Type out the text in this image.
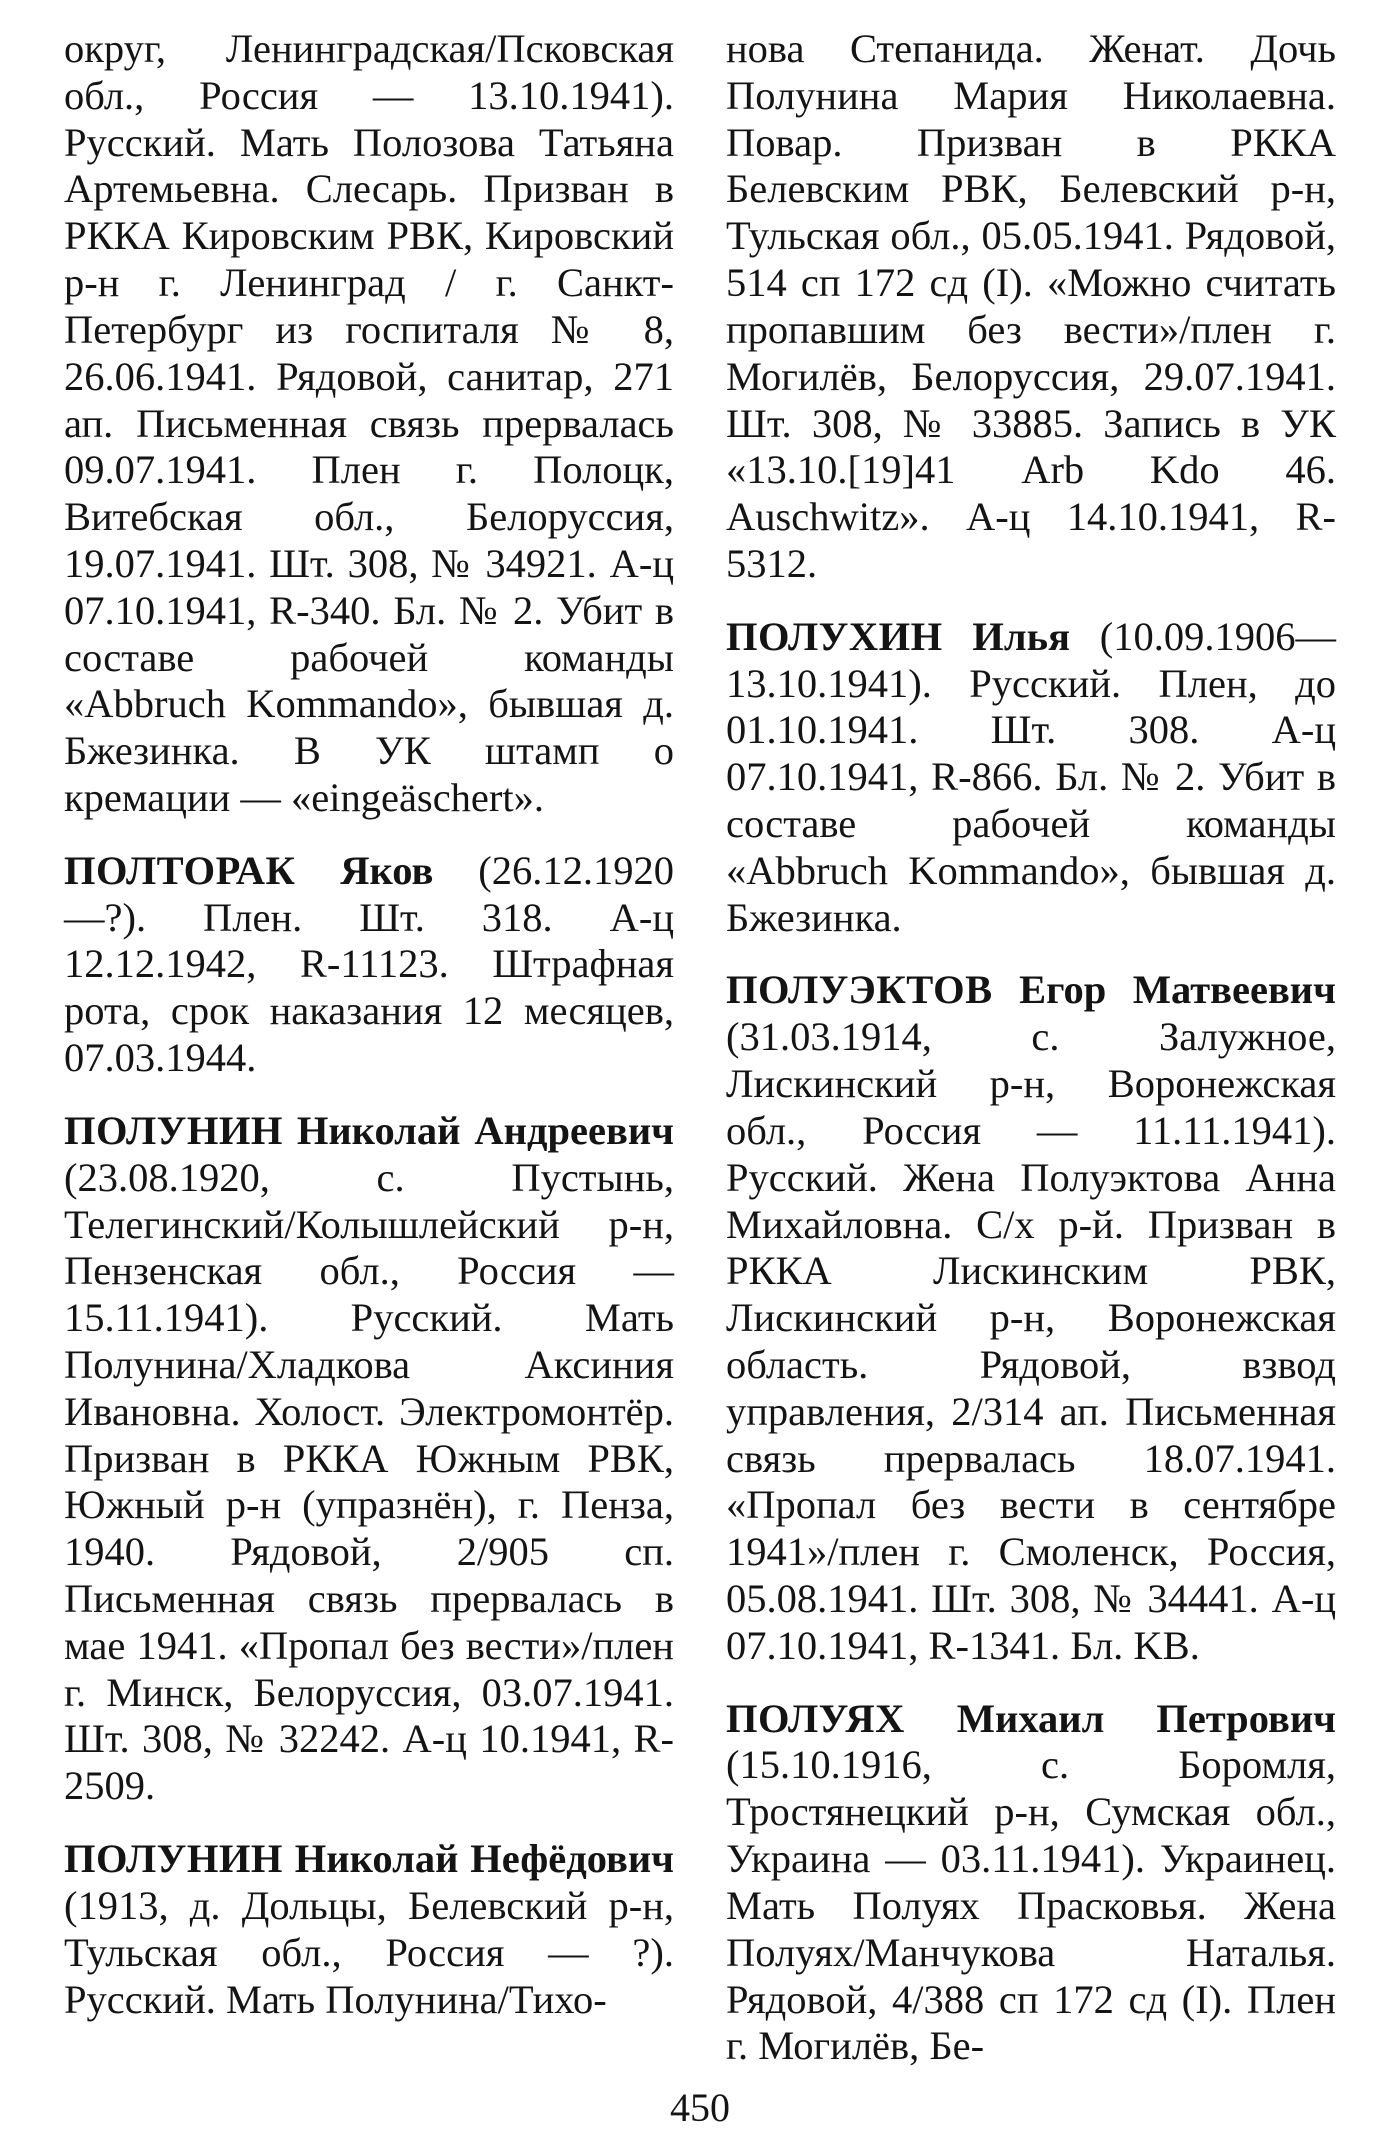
округ, Ленинградская/Псковская обл., Россия — 13.10.1941). Русский. Мать Полозова Татьяна Артемьевна. Слесарь. Призван в РККА Кировским РВК, Кировский р-н г. Ленинград / г. Санкт-Петербург из госпиталя № 8, 26.06.1941. Рядовой, санитар, 271 ап. Письменная связь прервалась 09.07.1941. Плен г. Полоцк, Витебская обл., Белоруссия, 19.07.1941. Шт. 308, № 34921. А-ц 07.10.1941, R-340. Бл. № 2. Убит в составе рабочей команды «Abbruch Kommando», бывшая д. Бжезинка. В УК штамп о кремации — «eingeäschert».

ПОЛТОРАК Яков (26.12.1920—?). Плен. Шт. 318. А-ц 12.12.1942, R-11123. Штрафная рота, срок наказания 12 месяцев, 07.03.1944.

ПОЛУНИН Николай Андреевич (23.08.1920, с. Пустынь, Телегинский/Колышлейский р-н, Пензенская обл., Россия — 15.11.1941). Русский. Мать Полунина/Хладкова Аксиния Ивановна. Холост. Электромонтёр. Призван в РККА Южным РВК, Южный р-н (упразнён), г. Пенза, 1940. Рядовой, 2/905 сп. Письменная связь прервалась в мае 1941. «Пропал без вести»/плен г. Минск, Белоруссия, 03.07.1941. Шт. 308, № 32242. А-ц 10.1941, R-2509.

ПОЛУНИН Николай Нефёдович (1913, д. Дольцы, Белевский р-н, Тульская обл., Россия — ?). Русский. Мать Полунина/Тихо-

нова Степанида. Женат. Дочь Полунина Мария Николаевна. Повар. Призван в РККА Белевским РВК, Белевский р-н, Тульская обл., 05.05.1941. Рядовой, 514 сп 172 сд (I). «Можно считать пропавшим без вести»/плен г. Могилёв, Белоруссия, 29.07.1941. Шт. 308, № 33885. Запись в УК «13.10.[19]41 Arb Kdo 46. Auschwitz». А-ц 14.10.1941, R-5312.

ПОЛУХИН Илья (10.09.1906—13.10.1941). Русский. Плен, до 01.10.1941. Шт. 308. А-ц 07.10.1941, R-866. Бл. № 2. Убит в составе рабочей команды «Abbruch Kommando», бывшая д. Бжезинка.

ПОЛУЭКТОВ Егор Матвеевич (31.03.1914, с. Залужное, Лискинский р-н, Воронежская обл., Россия — 11.11.1941). Русский. Жена Полуэктова Анна Михайловна. С/х р-й. Призван в РККА Лискинским РВК, Лискинский р-н, Воронежская область. Рядовой, взвод управления, 2/314 ап. Письменная связь прервалась 18.07.1941. «Пропал без вести в сентябре 1941»/плен г. Смоленск, Россия, 05.08.1941. Шт. 308, № 34441. А-ц 07.10.1941, R-1341. Бл. KB.

ПОЛУЯХ Михаил Петрович (15.10.1916, с. Боромля, Тростянецкий р-н, Сумская обл., Украина — 03.11.1941). Украинец. Мать Полуях Прасковья. Жена Полуях/Манчукова Наталья. Рядовой, 4/388 сп 172 сд (I). Плен г. Могилёв, Бе-

450
